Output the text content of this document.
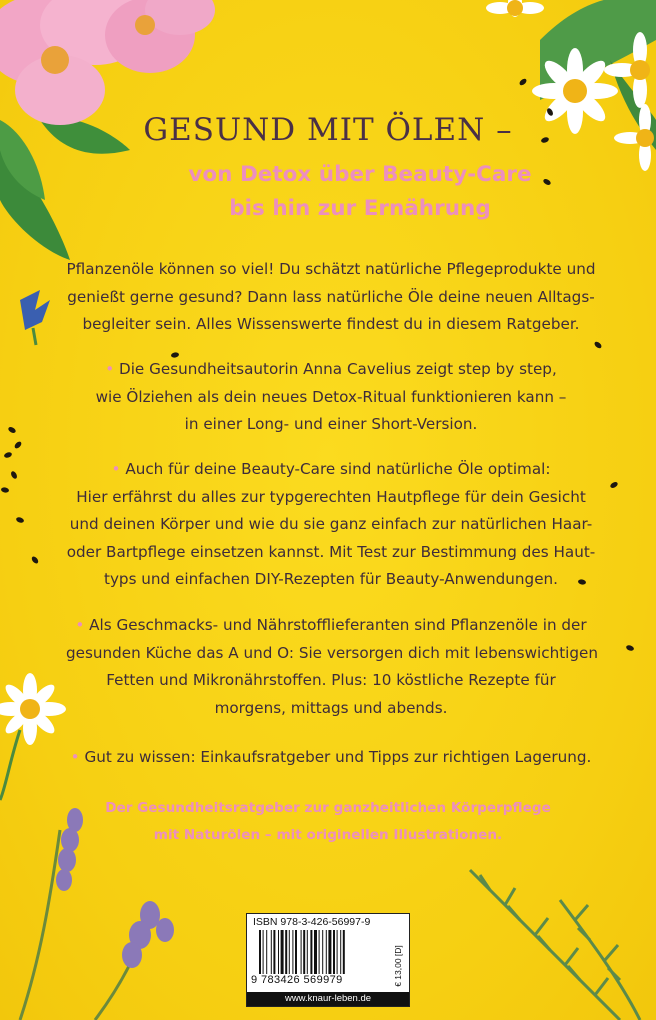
GESUND MIT ÖLEN –
von Detox über Beauty-Care
bis hin zur Ernährung
Pflanzenöle können so viel! Du schätzt natürliche Pflegeprodukte und
genießt gerne gesund? Dann lass natürliche Öle deine neuen Alltags-
begleiter sein. Alles Wissenswerte findest du in diesem Ratgeber.
• Die Gesundheitsautorin Anna Cavelius zeigt step by step,
wie Ölziehen als dein neues Detox-Ritual funktionieren kann –
in einer Long- und einer Short-Version.
• Auch für deine Beauty-Care sind natürliche Öle optimal:
Hier erfährst du alles zur typgerechten Hautpflege für dein Gesicht
und deinen Körper und wie du sie ganz einfach zur natürlichen Haar-
oder Bartpflege einsetzen kannst. Mit Test zur Bestimmung des Haut-
typs und einfachen DIY-Rezepten für Beauty-Anwendungen.
• Als Geschmacks- und Nährstofflieferanten sind Pflanzenöle in der
gesunden Küche das A und O: Sie versorgen dich mit lebenswichtigen
Fetten und Mikronährstoffen. Plus: 10 köstliche Rezepte für
morgens, mittags und abends.
• Gut zu wissen: Einkaufsratgeber und Tipps zur richtigen Lagerung.
Der Gesundheitsratgeber zur ganzheitlichen Körperpflege
mit Naturölen – mit originellen Illustrationen.
ISBN 978-3-426-56997-9
9 783426 569979	€ 13,00 [D]
www.knaur-leben.de
